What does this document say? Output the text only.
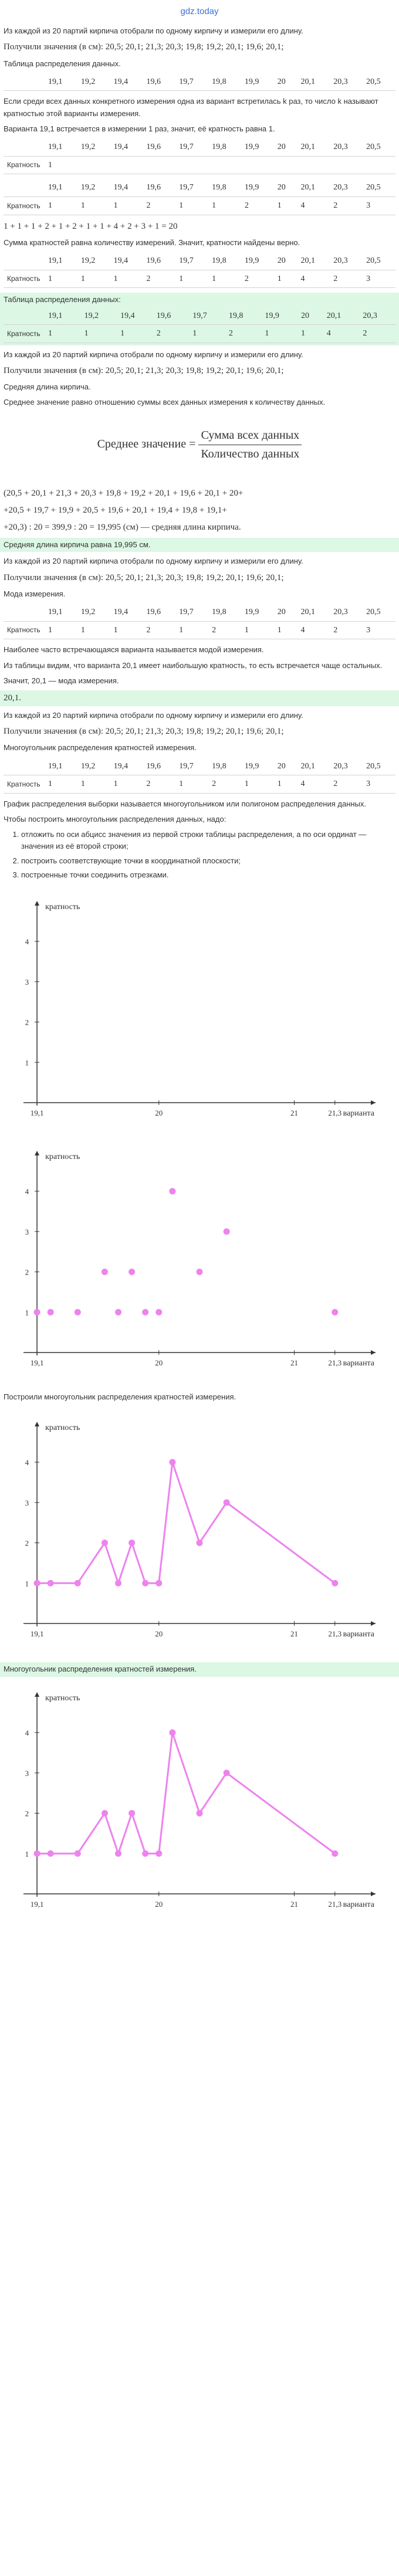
gdz.today

Из каждой из 20 партий кирпича отобрали по одному кирпичу и измерили его длину.

Получили значения (в см): 20,5; 20,1; 21,3; 20,3; 19,8; 19,2; 20,1; 19,6; 20,1;

Таблица распределения данных.

	19,1	19,2	19,4	19,6	19,7	19,8	19,9	20	20,1	20,3	20,5

Если среди всех данных конкретного измерения одна из вариант встретилась k раз, то число k называют кратностью этой варианты измерения.

Варианта 19,1 встречается в измерении 1 раз, значит, её кратность равна 1.

	19,1	19,2	19,4	19,6	19,7	19,8	19,9	20	20,1	20,3	20,5
Кратность	1										
	19,1	19,2	19,4	19,6	19,7	19,8	19,9	20	20,1	20,3	20,5
Кратность	1	1	1	2	1	1	2	1	4	2	3

1 + 1 + 1 + 2 + 1 + 2 + 1 + 1 + 4 + 2 + 3 + 1 = 20

Сумма кратностей равна количеству измерений. Значит, кратности найдены верно.

	19,1	19,2	19,4	19,6	19,7	19,8	19,9	20	20,1	20,3	20,5
Кратность	1	1	1	2	1	1	2	1	4	2	3

Таблица распределения данных:

	19,1	19,2	19,4	19,6	19,7	19,8	19,9	20	20,1	20,3
Кратность	1	1	1	2	1	2	1	1	4	2

Из каждой из 20 партий кирпича отобрали по одному кирпичу и измерили его длину.

Получили значения (в см): 20,5; 20,1; 21,3; 20,3; 19,8; 19,2; 20,1; 19,6; 20,1;

Средняя длина кирпича.

Среднее значение равно отношению суммы всех данных измерения к количеству данных.

Среднее значение = $\frac{\text{Сумма всех данных}}{\text{Количество данных}}$

(20,5 + 20,1 + 21,3 + 20,3 + 19,8 + 19,2 + 20,1 + 19,6 + 20,1 + 20+

+20,5 + 19,7 + 19,9 + 20,5 + 19,6 + 20,1 + 19,4 + 19,8 + 19,1+

+20,3) : 20 = 399,9 : 20 = 19,995 (см) — средняя длина кирпича.

Средняя длина кирпича равна 19,995 см.

Из каждой из 20 партий кирпича отобрали по одному кирпичу и измерили его длину.

Получили значения (в см): 20,5; 20,1; 21,3; 20,3; 19,8; 19,2; 20,1; 19,6; 20,1;

Мода измерения.

	19,1	19,2	19,4	19,6	19,7	19,8	19,9	20	20,1	20,3	20,5
Кратность	1	1	1	2	1	2	1	1	4	2	3

Наиболее часто встречающаяся варианта называется модой измерения.

Из таблицы видим, что варианта 20,1 имеет наибольшую кратность, то есть встречается чаще остальных.

Значит, 20,1 — мода измерения.

20,1.

Из каждой из 20 партий кирпича отобрали по одному кирпичу и измерили его длину.

Получили значения (в см): 20,5; 20,1; 21,3; 20,3; 19,8; 19,2; 20,1; 19,6; 20,1;

Многоугольник распределения кратностей измерения.

	19,1	19,2	19,4	19,6	19,7	19,8	19,9	20	20,1	20,3	20,5
Кратность	1	1	1	2	1	2	1	1	4	2	3

График распределения выборки называется многоугольником или полигоном распределения данных.

Чтобы построить многоугольник распределения данных, надо:

1. отложить по оси абцисс значения из первой строки таблицы распределения, а по оси ординат — значения из её второй строки;
2. построить соответствующие точки в координатной плоскости;
3. построенные точки соединить отрезками.
1
2
3
4
19,1	20	21	21,3
кратность
варианта
1
2
3
4
19,1	20	21	21,3
кратность
варианта

Построили многоугольник распределения кратностей измерения.

1
2
3
4
19,1	20	21	21,3
кратность
варианта

Многоугольник распределения кратностей измерения.

1
2
3
4
19,1	20	21	21,3
кратность
варианта
